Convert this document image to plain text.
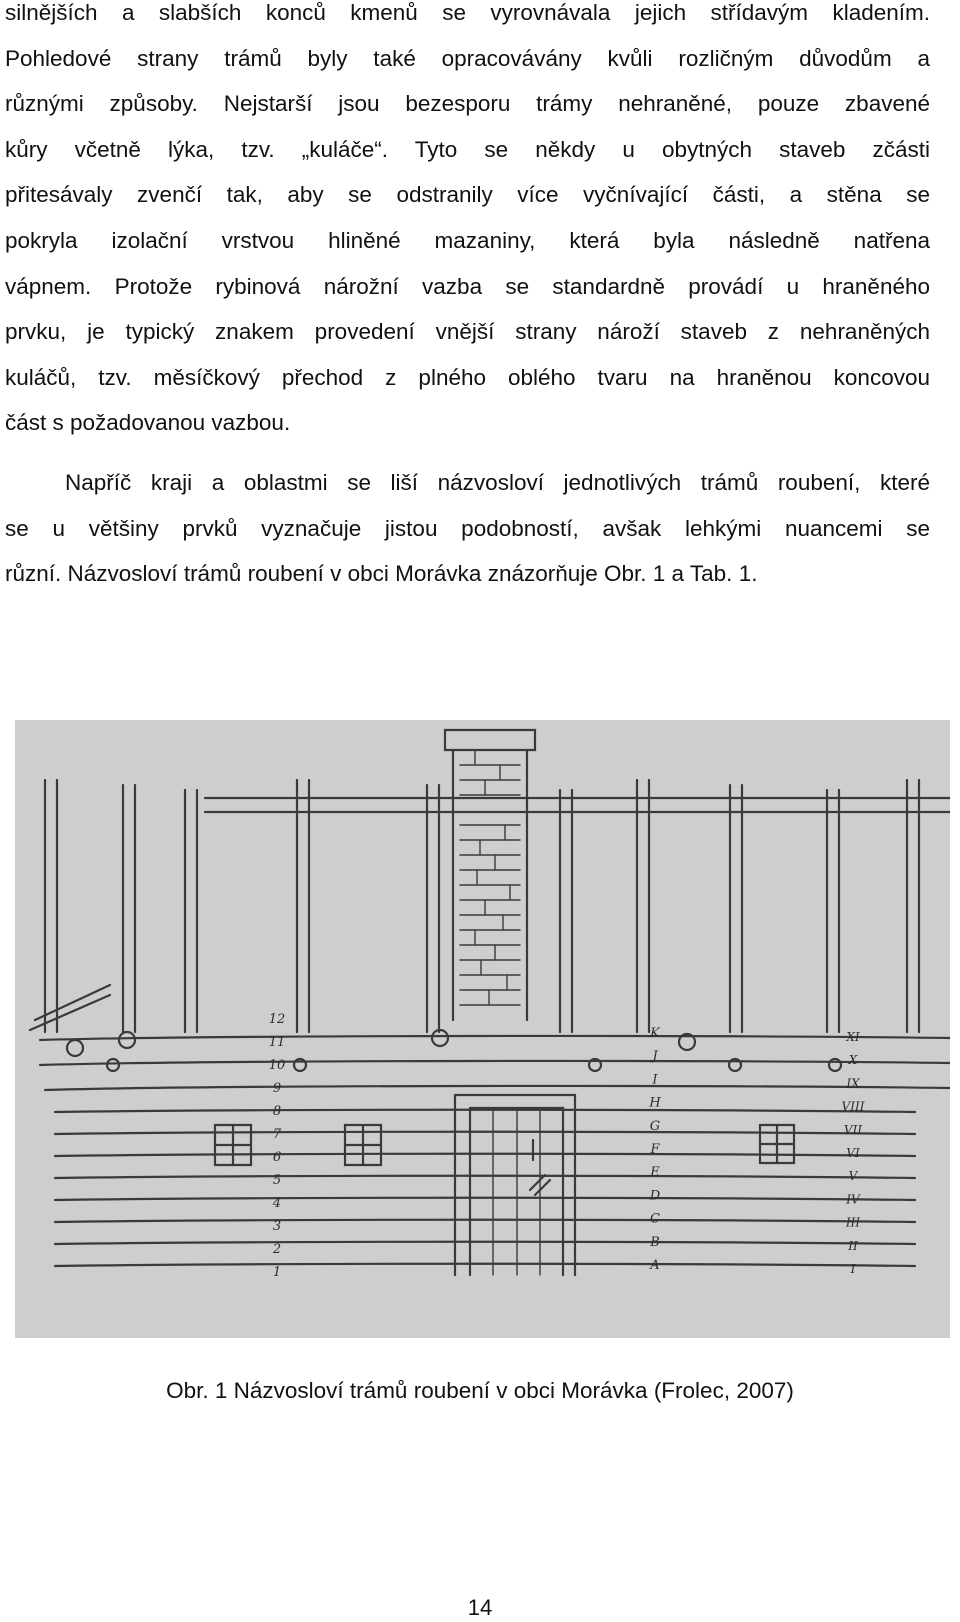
silnějších a slabších konců kmenů se vyrovnávala jejich střídavým kladením.
Pohledové strany trámů byly také opracovávány kvůli rozličným důvodům a
různými způsoby. Nejstarší jsou bezesporu trámy nehraněné, pouze zbavené
kůry včetně lýka, tzv. „kuláče“. Tyto se někdy u obytných staveb zčásti
přitesávaly zvenčí tak, aby se odstranily více vyčnívající části, a stěna se
pokryla izolační vrstvou hliněné mazaniny, která byla následně natřena
vápnem. Protože rybinová nárožní vazba se standardně provádí u hraněného
prvku, je typický znakem provedení vnější strany nároží staveb z nehraněných
kuláčů, tzv. měsíčkový přechod z plného oblého tvaru na hraněnou koncovou
část s požadovanou vazbou.
Napříč kraji a oblastmi se liší názvosloví jednotlivých trámů roubení, které
se u většiny prvků vyznačuje jistou podobností, avšak lehkými nuancemi se
různí. Názvosloví trámů roubení v obci Morávka znázorňuje Obr. 1 a Tab. 1.
12
11
10
9
8
7
6
5
4
3
2
1
K
J
I
H
G
F
E
D
C
B
A
XI
X
IX
VIII
VII
VI
V
IV
III
II
I
Obr. 1 Názvosloví trámů roubení v obci Morávka (Frolec, 2007)
14
